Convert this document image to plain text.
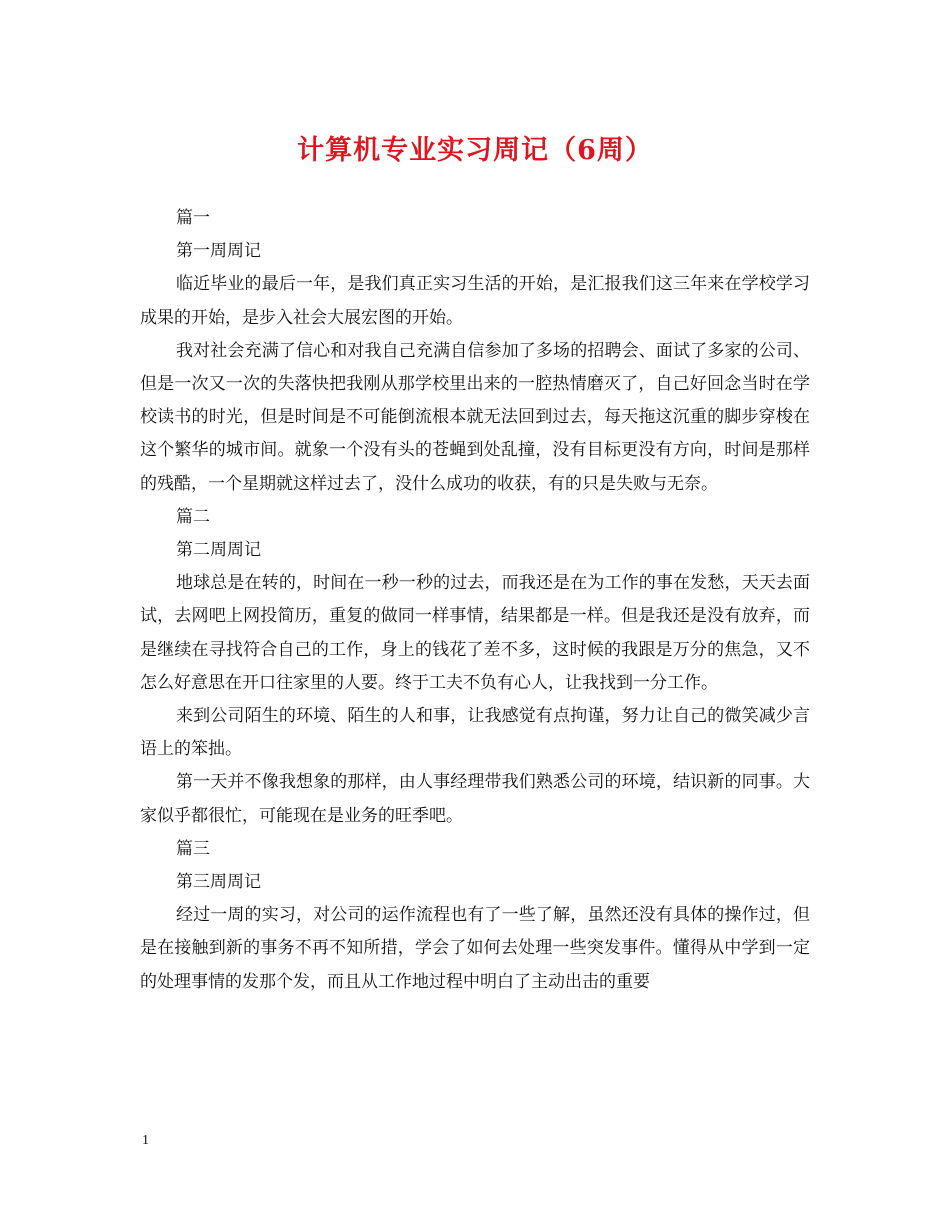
计算机专业实习周记（6周）

篇一

第一周周记

临近毕业的最后一年，是我们真正实习生活的开始，是汇报我们这三年来在学校学习成果的开始，是步入社会大展宏图的开始。

我对社会充满了信心和对我自己充满自信参加了多场的招聘会、面试了多家的公司、但是一次又一次的失落快把我刚从那学校里出来的一腔热情磨灭了，自己好回念当时在学校读书的时光，但是时间是不可能倒流根本就无法回到过去，每天拖这沉重的脚步穿梭在这个繁华的城市间。就象一个没有头的苍蝇到处乱撞，没有目标更没有方向，时间是那样的残酷，一个星期就这样过去了，没什么成功的收获，有的只是失败与无奈。

篇二

第二周周记

地球总是在转的，时间在一秒一秒的过去，而我还是在为工作的事在发愁，天天去面试，去网吧上网投简历，重复的做同一样事情，结果都是一样。但是我还是没有放弃，而是继续在寻找符合自己的工作，身上的钱花了差不多，这时候的我跟是万分的焦急，又不怎么好意思在开口往家里的人要。终于工夫不负有心人，让我找到一分工作。

来到公司陌生的环境、陌生的人和事，让我感觉有点拘谨，努力让自己的微笑减少言语上的笨拙。

第一天并不像我想象的那样，由人事经理带我们熟悉公司的环境，结识新的同事。大家似乎都很忙，可能现在是业务的旺季吧。

篇三

第三周周记

经过一周的实习，对公司的运作流程也有了一些了解，虽然还没有具体的操作过，但是在接触到新的事务不再不知所措，学会了如何去处理一些突发事件。懂得从中学到一定的处理事情的发那个发，而且从工作地过程中明白了主动出击的重要

1
